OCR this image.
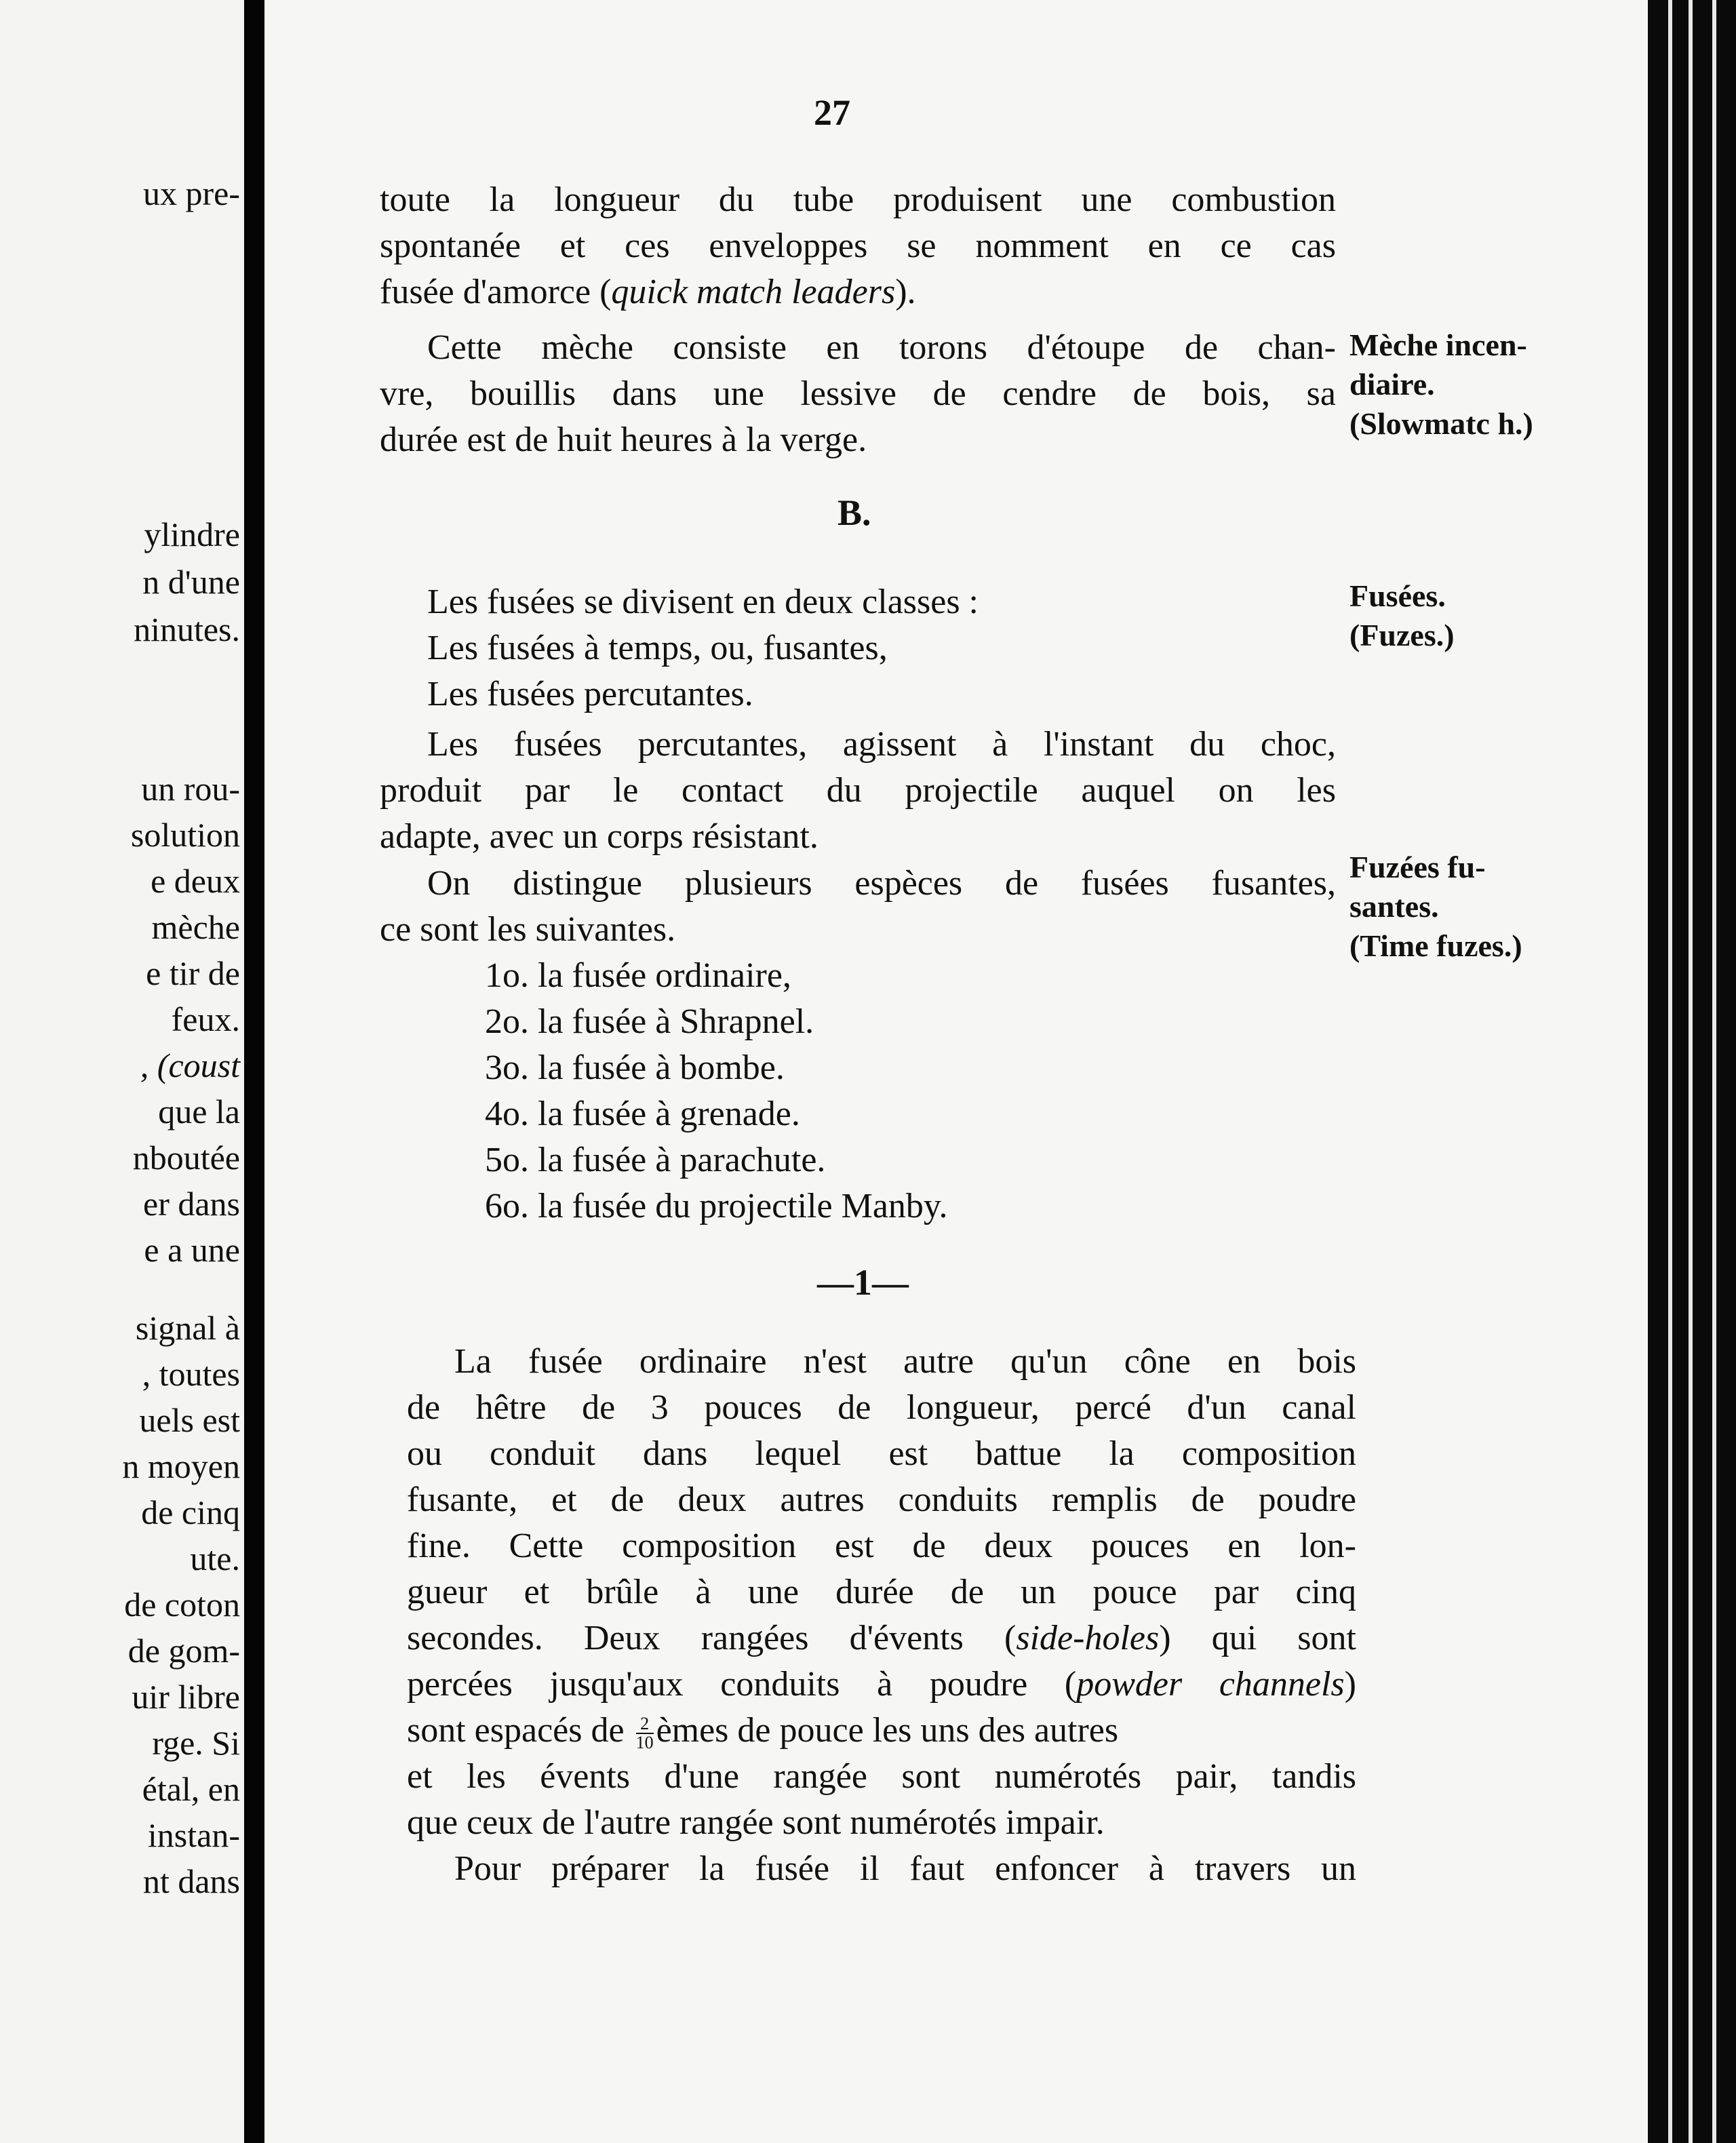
ux pre-
ylindre
n d'une
ninutes.
un rou-
solution
e deux
mèche
e tir de
feux.
, (coust
que la
nboutée
er dans
e a une
signal à
, toutes
uels est
n moyen
de cinq
ute.
de coton
de gom-
uir libre
rge. Si
étal, en
instan-
nt dans
27
toute la longueur du tube produisent une combustion
spontanée et ces enveloppes se nomment en ce cas
fusée d'amorce (quick match leaders).
Cette mèche consiste en torons d'étoupe de chan-
vre, bouillis dans une lessive de cendre de bois, sa
durée est de huit heures à la verge.
Mèche incen-
diaire.
(Slowmatc h.)
B.
Les fusées se divisent en deux classes :
Les fusées à temps, ou, fusantes,
Les fusées percutantes.
Fusées.
(Fuzes.)
Les fusées percutantes, agissent à l'instant du choc,
produit par le contact du projectile auquel on les
adapte, avec un corps résistant.
On distingue plusieurs espèces de fusées fusantes,
ce sont les suivantes.
Fuzées fu-
santes.
(Time fuzes.)
1o. la fusée ordinaire,
2o. la fusée à Shrapnel.
3o. la fusée à bombe.
4o. la fusée à grenade.
5o. la fusée à parachute.
6o. la fusée du projectile Manby.
—1—
La fusée ordinaire n'est autre qu'un cône en bois
de hêtre de 3 pouces de longueur, percé d'un canal
ou conduit dans lequel est battue la composition
fusante, et de deux autres conduits remplis de poudre
fine. Cette composition est de deux pouces en lon-
gueur et brûle à une durée de un pouce par cinq
secondes. Deux rangées d'évents (side-holes) qui sont
percées jusqu'aux conduits à poudre (powder channels)
sont espacés de $\frac{2}{10}$ èmes de pouce les uns des autres
et les évents d'une rangée sont numérotés pair, tandis
que ceux de l'autre rangée sont numérotés impair.
Pour préparer la fusée il faut enfoncer à travers un
